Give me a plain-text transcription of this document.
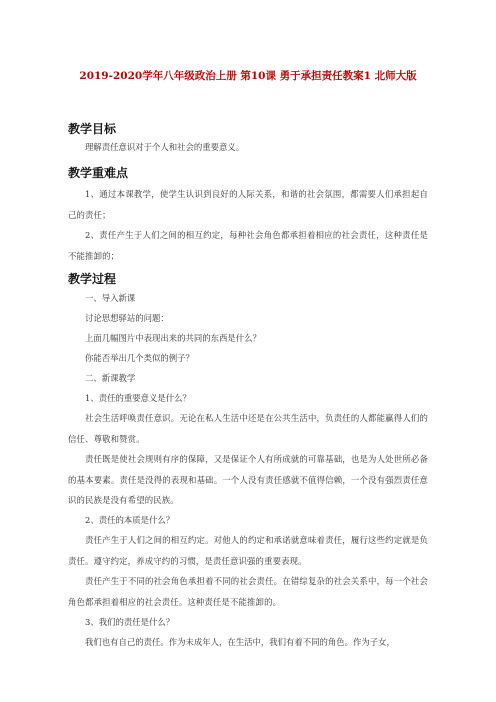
2019-2020学年八年级政治上册 第10课 勇于承担责任教案1 北师大版
教学目标
理解责任意识对于个人和社会的重要意义。
教学重难点
1、通过本课教学，使学生认识到良好的人际关系，和谐的社会氛围，都需要人们承担起自己的责任；
2、责任产生于人们之间的相互约定，每种社会角色都承担着相应的社会责任，这种责任是不能推卸的；
教学过程
一、导入新课
讨论思想驿站的问题：
上面几幅图片中表现出来的共同的东西是什么？
你能否举出几个类似的例子？
二、新课教学
1、责任的重要意义是什么？
社会生活呼唤责任意识。无论在私人生活中还是在公共生活中，负责任的人都能赢得人们的信任、尊敬和赞赏。
责任既是使社会规则有序的保障，又是保证个人有所成就的可靠基础，也是为人处世所必备的基本要素。责任是没得的表现和基础。一个人没有责任感就不值得信赖，一个没有强烈责任意识的民族是没有希望的民族。
2、责任的本质是什么？
责任产生于人们之间的相互约定。对他人的约定和承诺就意味着责任，履行这些约定就是负责任。遵守约定，养成守约的习惯，是责任意识强的重要表现。
责任产生于不同的社会角色承担着不同的社会责任。在错综复杂的社会关系中，每一个社会角色都承担着相应的社会责任。这种责任是不能推卸的。
3、我们的责任是什么？
我们也有自己的责任。作为未成年人，在生活中，我们有着不同的角色。作为子女，
